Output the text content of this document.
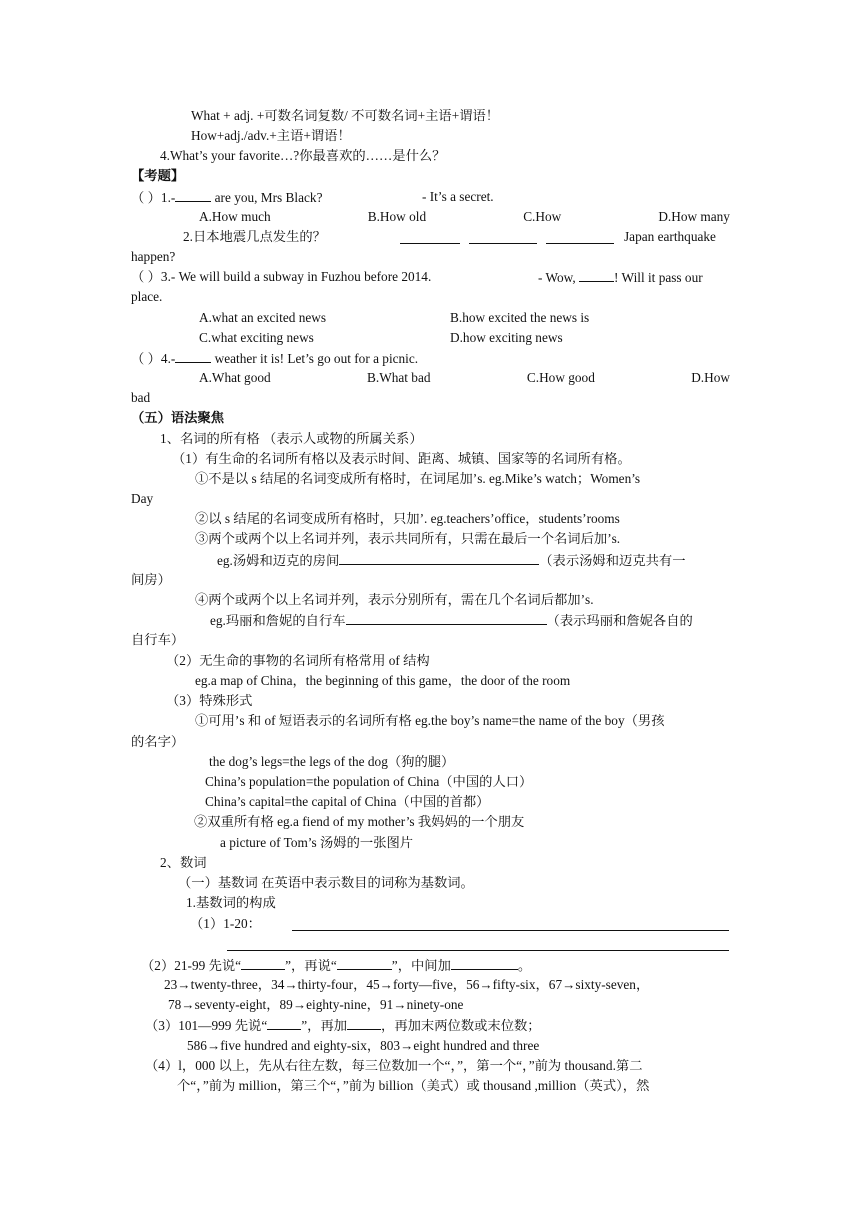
What + adj. +可数名词复数/ 不可数名词+主语+谓语！
How+adj./adv.+主语+谓语！
4.What’s your favorite…?你最喜欢的……是什么？
【考题】
（ ）1.-	are you, Mrs Black?	- It’s a secret.
A.How much	B.How old	C.How	D.How many
2.日本地震几点发生的？	Japan earthquake
happen?
（ ）3.- We will build a subway in Fuzhou before 2014.	- Wow,	! Will it pass our
place.
A.what an excited news	B.how excited the news is
C.what exciting news	D.how exciting news
（ ）4.-	weather it is! Let’s go out for a picnic.
A.What good	B.What bad	C.How good	D.How
bad
（五）语法聚焦
1、名词的所有格 （表示人或物的所属关系）
（1）有生命的名词所有格以及表示时间、距离、城镇、国家等的名词所有格。
①不是以 s 结尾的名词变成所有格时，在词尾加’s. eg.Mike’s watch；Women’s
Day
②以 s 结尾的名词变成所有格时，只加’. eg.teachers’office，students’rooms
③两个或两个以上名词并列，表示共同所有，只需在最后一个名词后加’s.
eg.汤姆和迈克的房间	（表示汤姆和迈克共有一
间房）
④两个或两个以上名词并列，表示分别所有，需在几个名词后都加’s.
eg.玛丽和詹妮的自行车	（表示玛丽和詹妮各自的
自行车）
（2）无生命的事物的名词所有格常用 of 结构
eg.a map of China，the beginning of this game，the door of the room
（3）特殊形式
①可用’s 和 of 短语表示的名词所有格 eg.the boy’s name=the name of the boy（男孩
的名字）
the dog’s legs=the legs of the dog（狗的腿）
China’s population=the population of China（中国的人口）
China’s capital=the capital of China（中国的首都）
②双重所有格 eg.a fiend of my mother’s 我妈妈的一个朋友
a picture of Tom’s 汤姆的一张图片
2、数词
（一）基数词 在英语中表示数目的词称为基数词。
1.基数词的构成
（1）1-20：
（2）21-99 先说“	”，再说“	”，中间加	。
23→twenty-three，34→thirty-four，45→forty—five，56→fifty-six，67→sixty-seven，
78→seventy-eight，89→eighty-nine，91→ninety-one
（3）101—999 先说“	”，再加	，再加末两位数或末位数；
586→five hundred and eighty-six，803→eight hundred and three
（4）l，000 以上，先从右往左数，每三位数加一个“，”，第一个“，”前为 thousand.第二
个“，”前为 million，第三个“，”前为 billion（美式）或 thousand ,million（英式），然
